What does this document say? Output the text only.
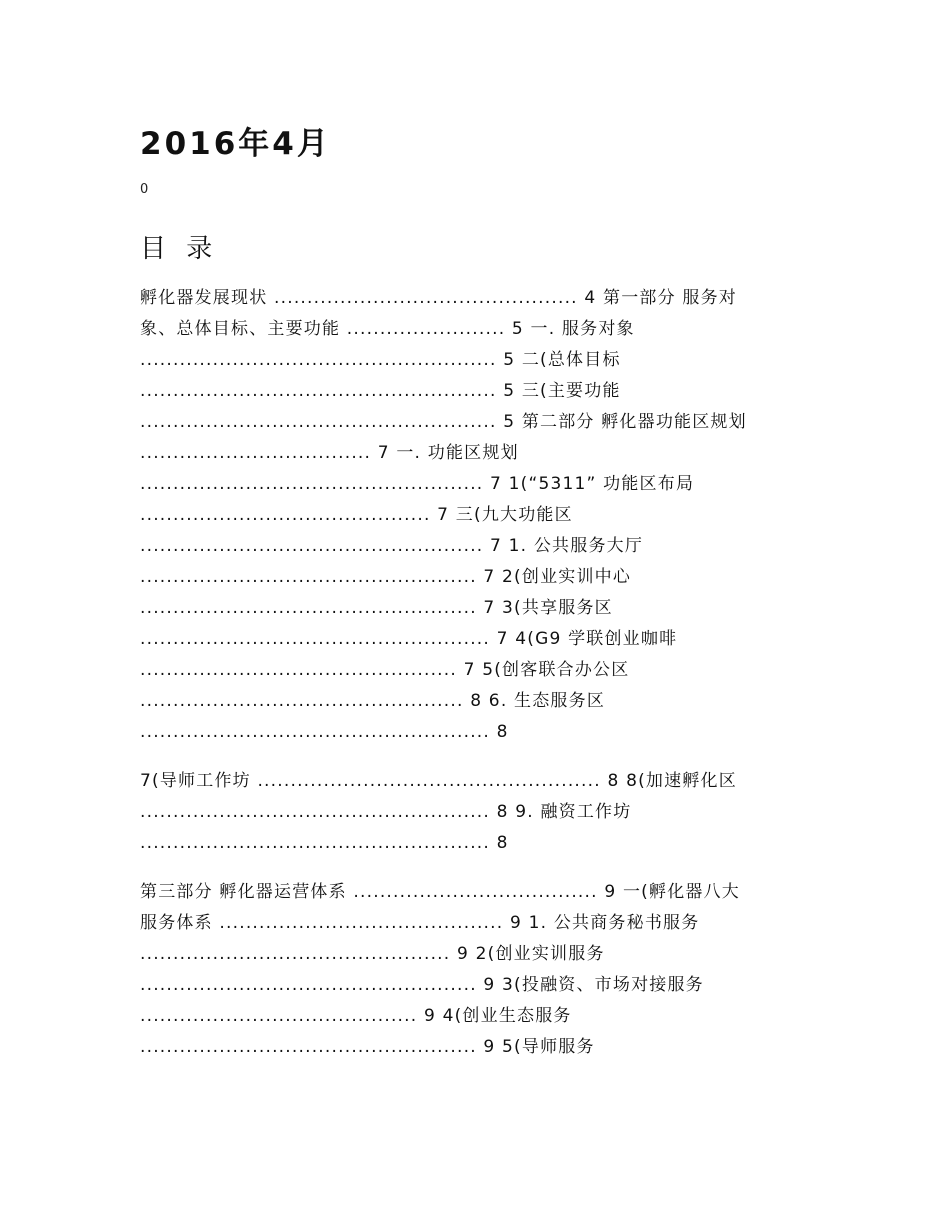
2016年4月
0
目 录
孵化器发展现状 .............................................. 4 第一部分 服务对
象、总体目标、主要功能 ........................ 5 一. 服务对象
...................................................... 5 二(总体目标
...................................................... 5 三(主要功能
...................................................... 5 第二部分 孵化器功能区规划
................................... 7 一. 功能区规划
.................................................... 7 1(“5311” 功能区布局
............................................ 7 三(九大功能区
.................................................... 7 1. 公共服务大厅
................................................... 7 2(创业实训中心
................................................... 7 3(共享服务区
..................................................... 7 4(G9 学联创业咖啡
................................................ 7 5(创客联合办公区
................................................. 8 6. 生态服务区
..................................................... 8
7(导师工作坊 .................................................... 8 8(加速孵化区
..................................................... 8 9. 融资工作坊
..................................................... 8
第三部分 孵化器运营体系 ..................................... 9 一(孵化器八大
服务体系 ........................................... 9 1. 公共商务秘书服务
............................................... 9 2(创业实训服务
................................................... 9 3(投融资、市场对接服务
.......................................... 9 4(创业生态服务
................................................... 9 5(导师服务
